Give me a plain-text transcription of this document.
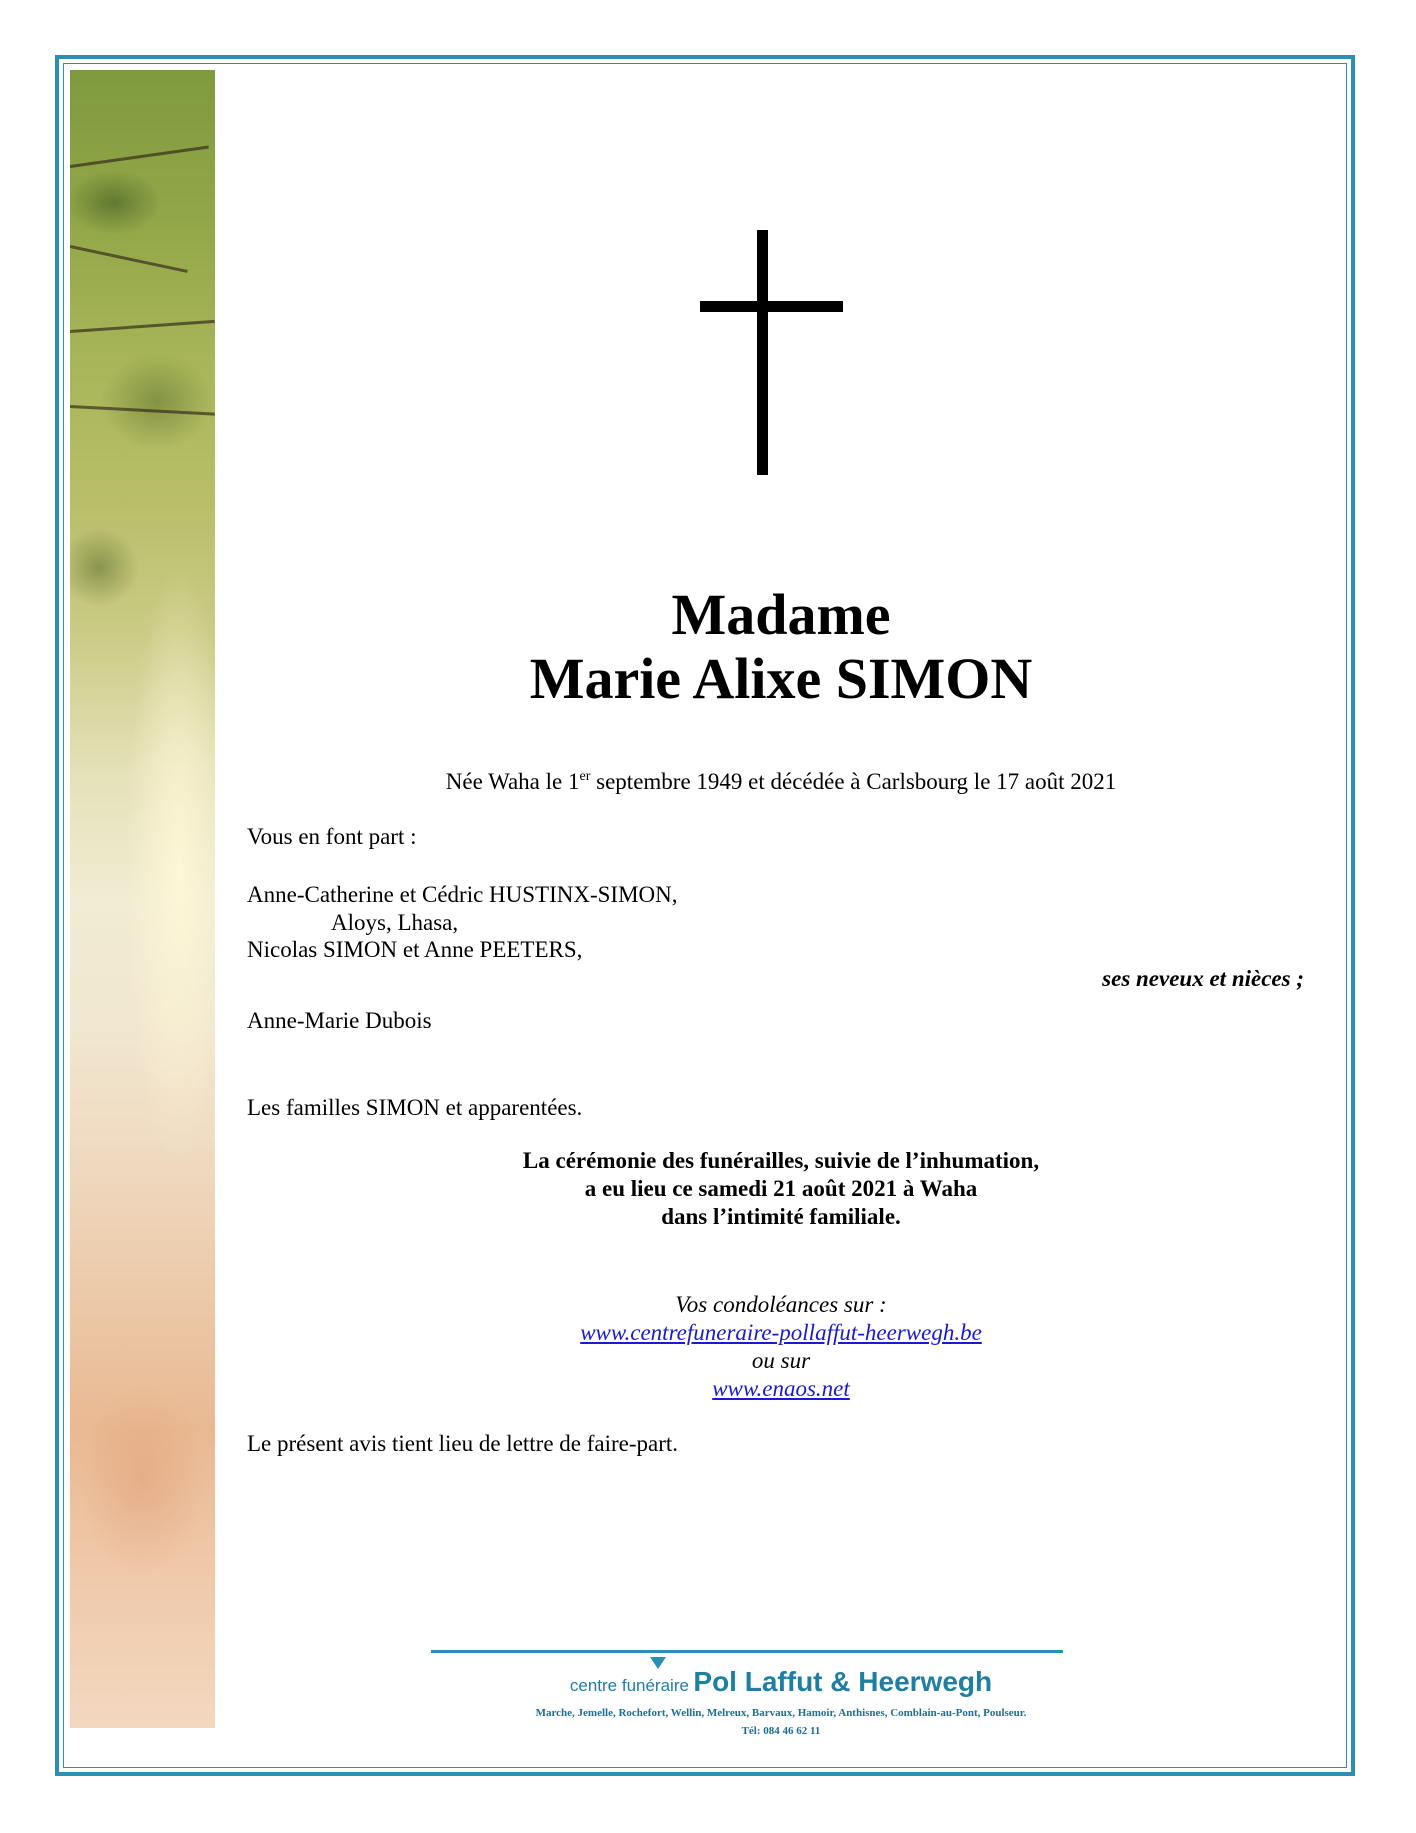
Madame
Marie Alixe SIMON
Née Waha le 1er septembre 1949 et décédée à Carlsbourg le 17 août 2021
Vous en font part :
Anne-Catherine et Cédric HUSTINX-SIMON,
Aloys, Lhasa,
Nicolas SIMON et Anne PEETERS,
ses neveux et nièces ;
Anne-Marie Dubois
Les familles SIMON et apparentées.
La cérémonie des funérailles, suivie de l’inhumation,
a eu lieu ce samedi 21 août 2021 à Waha
dans l’intimité familiale.
Vos condoléances sur :
www.centrefuneraire-pollaffut-heerwegh.be
ou sur
www.enaos.net
Le présent avis tient lieu de lettre de faire-part.
centre funéraire Pol Laffut & Heerwegh
Marche, Jemelle, Rochefort, Wellin, Melreux, Barvaux, Hamoir, Anthisnes, Comblain-au-Pont, Poulseur.
Tél: 084 46 62 11
